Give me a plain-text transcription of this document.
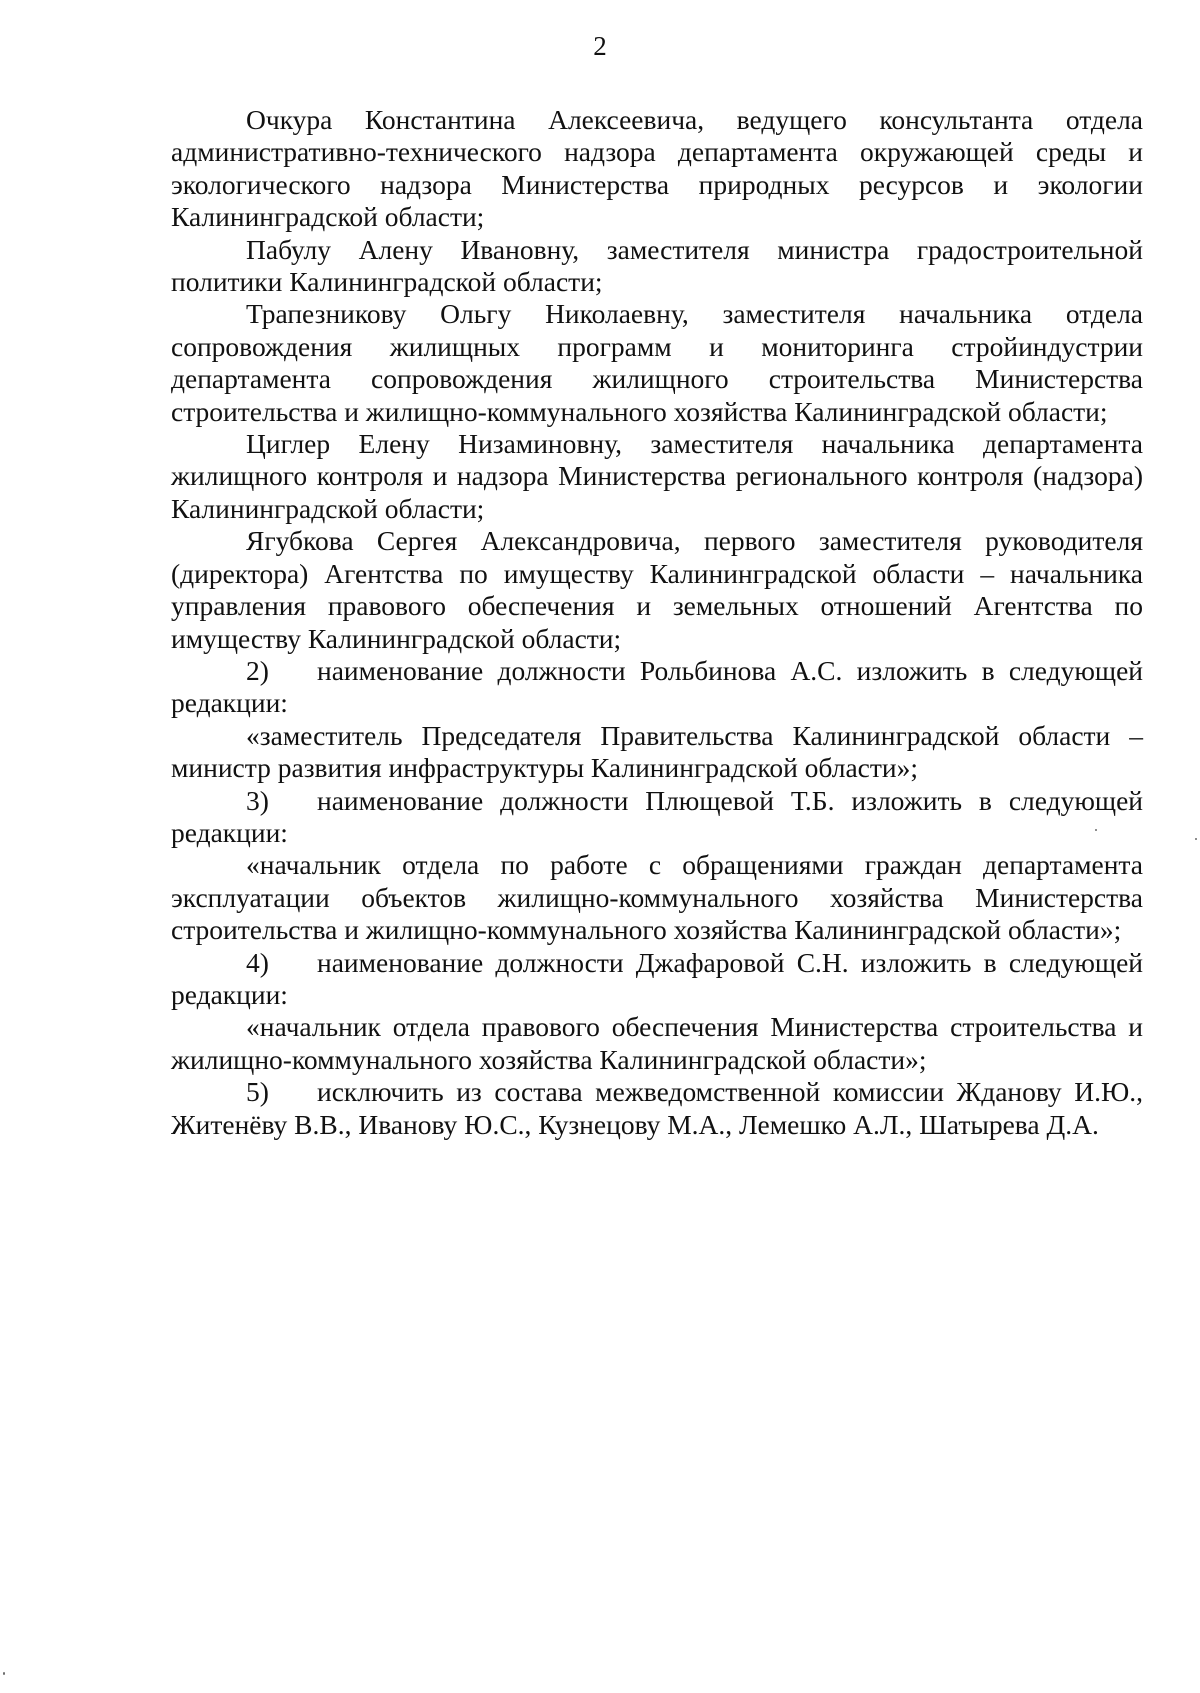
2

Очкура Константина Алексеевича, ведущего консультанта отдела административно-технического надзора департамента окружающей среды и экологического надзора Министерства природных ресурсов и экологии Калининградской области;

Пабулу Алену Ивановну, заместителя министра градостроительной политики Калининградской области;

Трапезникову Ольгу Николаевну, заместителя начальника отдела сопровождения жилищных программ и мониторинга стройиндустрии департамента сопровождения жилищного строительства Министерства строительства и жилищно-коммунального хозяйства Калининградской области;

Циглер Елену Низаминовну, заместителя начальника департамента жилищного контроля и надзора Министерства регионального контроля (надзора) Калининградской области;

Ягубкова Сергея Александровича, первого заместителя руководителя (директора) Агентства по имуществу Калининградской области – начальника управления правового обеспечения и земельных отношений Агентства по имуществу Калининградской области;

2) наименование должности Рольбинова А.С. изложить в следующей редакции:

«заместитель Председателя Правительства Калининградской области – министр развития инфраструктуры Калининградской области»;

3) наименование должности Плющевой Т.Б. изложить в следующей редакции:

«начальник отдела по работе с обращениями граждан департамента эксплуатации объектов жилищно-коммунального хозяйства Министерства строительства и жилищно-коммунального хозяйства Калининградской области»;

4) наименование должности Джафаровой С.Н. изложить в следующей редакции:

«начальник отдела правового обеспечения Министерства строительства и жилищно-коммунального хозяйства Калининградской области»;

5) исключить из состава межведомственной комиссии Жданову И.Ю., Житенёву В.В., Иванову Ю.С., Кузнецову М.А., Лемешко А.Л., Шатырева Д.А.
